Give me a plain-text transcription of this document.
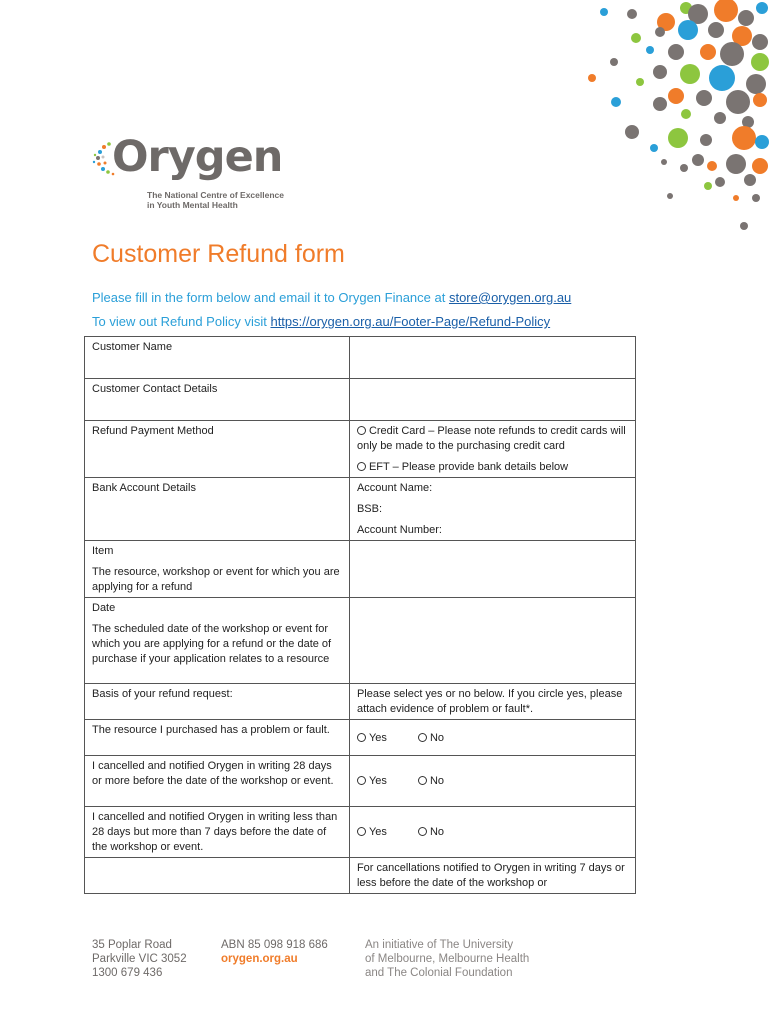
Orygen
The National Centre of Excellence
in Youth Mental Health
Customer Refund form
Please fill in the form below and email it to Orygen Finance at store@orygen.org.au
To view out Refund Policy visit https://orygen.org.au/Footer-Page/Refund-Policy
Customer Name	
Customer Contact Details	
Refund Payment Method	Credit Card – Please note refunds to credit cards will only be made to the purchasing credit card
EFT – Please provide bank details below

Bank Account Details	Account Name:
BSB:
Account Number:

Item
The resource, workshop or event for which you are applying for a refund	

Date
The scheduled date of the workshop or event for which you are applying for a refund or the date of purchase if your application relates to a resource	

Basis of your refund request:	Please select yes or no below. If you circle yes, please attach evidence of problem or fault*.
The resource I purchased has a problem or fault.	Yes No
I cancelled and notified Orygen in writing 28 days or more before the date of the workshop or event.	Yes No
I cancelled and notified Orygen in writing less than 28 days but more than 7 days before the date of the workshop or event.	Yes No
	For cancellations notified to Orygen in writing 7 days or less before the date of the workshop or
35 Poplar Road
Parkville VIC 3052
1300 679 436
ABN 85 098 918 686
orygen.org.au
An initiative of The University
of Melbourne, Melbourne Health
and The Colonial Foundation
